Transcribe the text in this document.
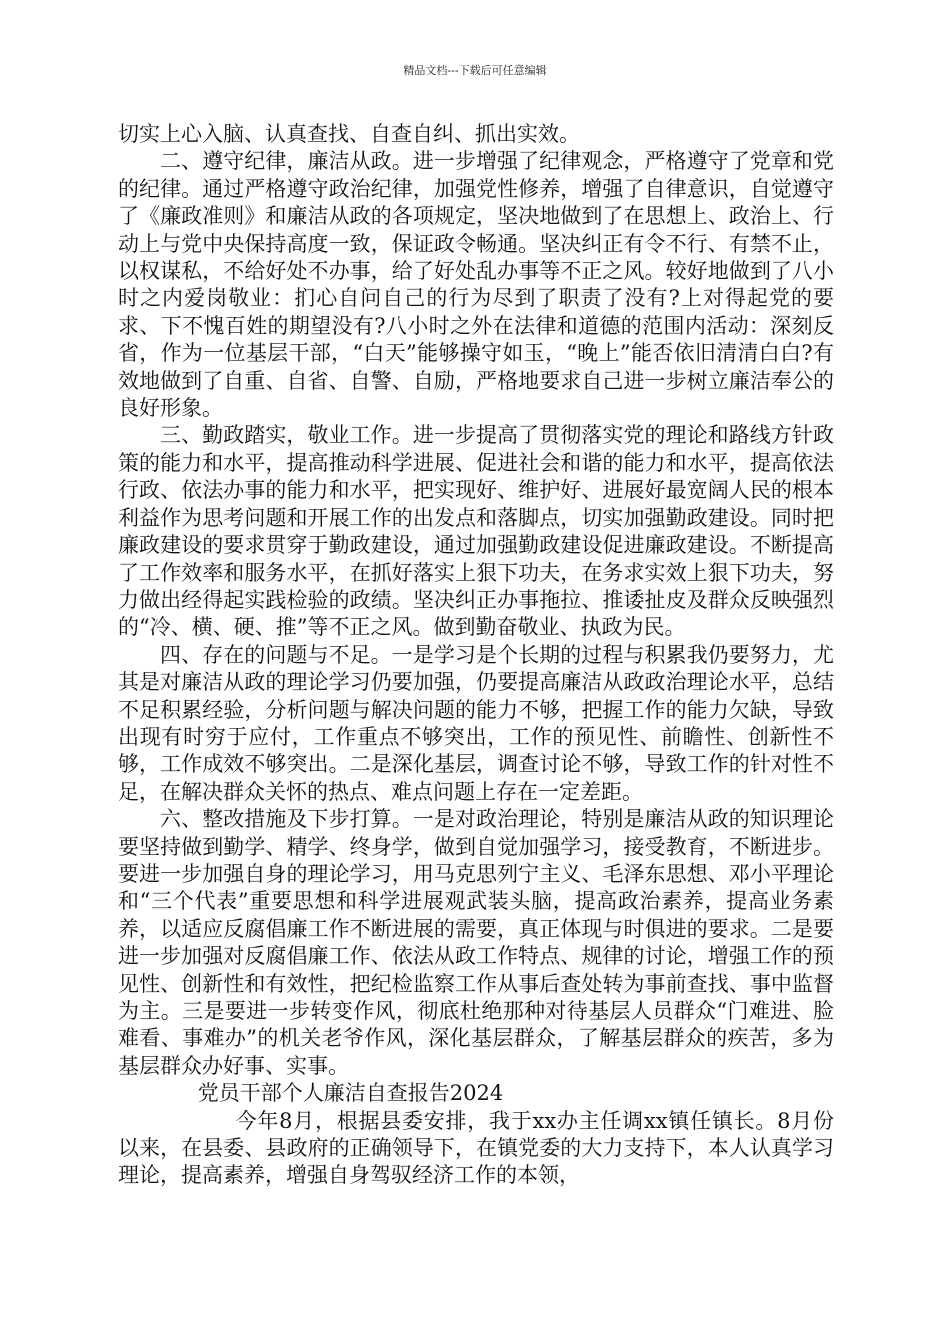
精品文档---下载后可任意编辑

切实上心入脑、认真查找、自查自纠、抓出实效。

二、遵守纪律，廉洁从政。进一步增强了纪律观念，严格遵守了党章和党的纪律。通过严格遵守政治纪律，加强党性修养，增强了自律意识，自觉遵守了《廉政准则》和廉洁从政的各项规定，坚决地做到了在思想上、政治上、行动上与党中央保持高度一致，保证政令畅通。坚决纠正有令不行、有禁不止，以权谋私，不给好处不办事，给了好处乱办事等不正之风。较好地做到了八小时之内爱岗敬业：扪心自问自己的行为尽到了职责了没有?上对得起党的要求、下不愧百姓的期望没有?八小时之外在法律和道德的范围内活动：深刻反省，作为一位基层干部，“白天”能够操守如玉，“晚上”能否依旧清清白白?有效地做到了自重、自省、自警、自励，严格地要求自己进一步树立廉洁奉公的良好形象。

三、勤政踏实，敬业工作。进一步提高了贯彻落实党的理论和路线方针政策的能力和水平，提高推动科学进展、促进社会和谐的能力和水平，提高依法行政、依法办事的能力和水平，把实现好、维护好、进展好最宽阔人民的根本利益作为思考问题和开展工作的出发点和落脚点，切实加强勤政建设。同时把廉政建设的要求贯穿于勤政建设，通过加强勤政建设促进廉政建设。不断提高了工作效率和服务水平，在抓好落实上狠下功夫，在务求实效上狠下功夫，努力做出经得起实践检验的政绩。坚决纠正办事拖拉、推诿扯皮及群众反映强烈的“冷、横、硬、推”等不正之风。做到勤奋敬业、执政为民。

四、存在的问题与不足。一是学习是个长期的过程与积累我仍要努力，尤其是对廉洁从政的理论学习仍要加强，仍要提高廉洁从政政治理论水平，总结不足积累经验，分析问题与解决问题的能力不够，把握工作的能力欠缺，导致出现有时穷于应付，工作重点不够突出，工作的预见性、前瞻性、创新性不够，工作成效不够突出。二是深化基层，调查讨论不够，导致工作的针对性不足，在解决群众关怀的热点、难点问题上存在一定差距。

六、整改措施及下步打算。一是对政治理论，特别是廉洁从政的知识理论要坚持做到勤学、精学、终身学，做到自觉加强学习，接受教育，不断进步。要进一步加强自身的理论学习，用马克思列宁主义、毛泽东思想、邓小平理论和“三个代表”重要思想和科学进展观武装头脑，提高政治素养，提高业务素养，以适应反腐倡廉工作不断进展的需要，真正体现与时俱进的要求。二是要进一步加强对反腐倡廉工作、依法从政工作特点、规律的讨论，增强工作的预见性、创新性和有效性，把纪检监察工作从事后查处转为事前查找、事中监督为主。三是要进一步转变作风，彻底杜绝那种对待基层人员群众“门难进、脸难看、事难办”的机关老爷作风，深化基层群众，了解基层群众的疾苦，多为基层群众办好事、实事。

党员干部个人廉洁自查报告2024

今年8月，根据县委安排，我于xx办主任调xx镇任镇长。8月份以来，在县委、县政府的正确领导下，在镇党委的大力支持下，本人认真学习理论，提高素养，增强自身驾驭经济工作的本领，
